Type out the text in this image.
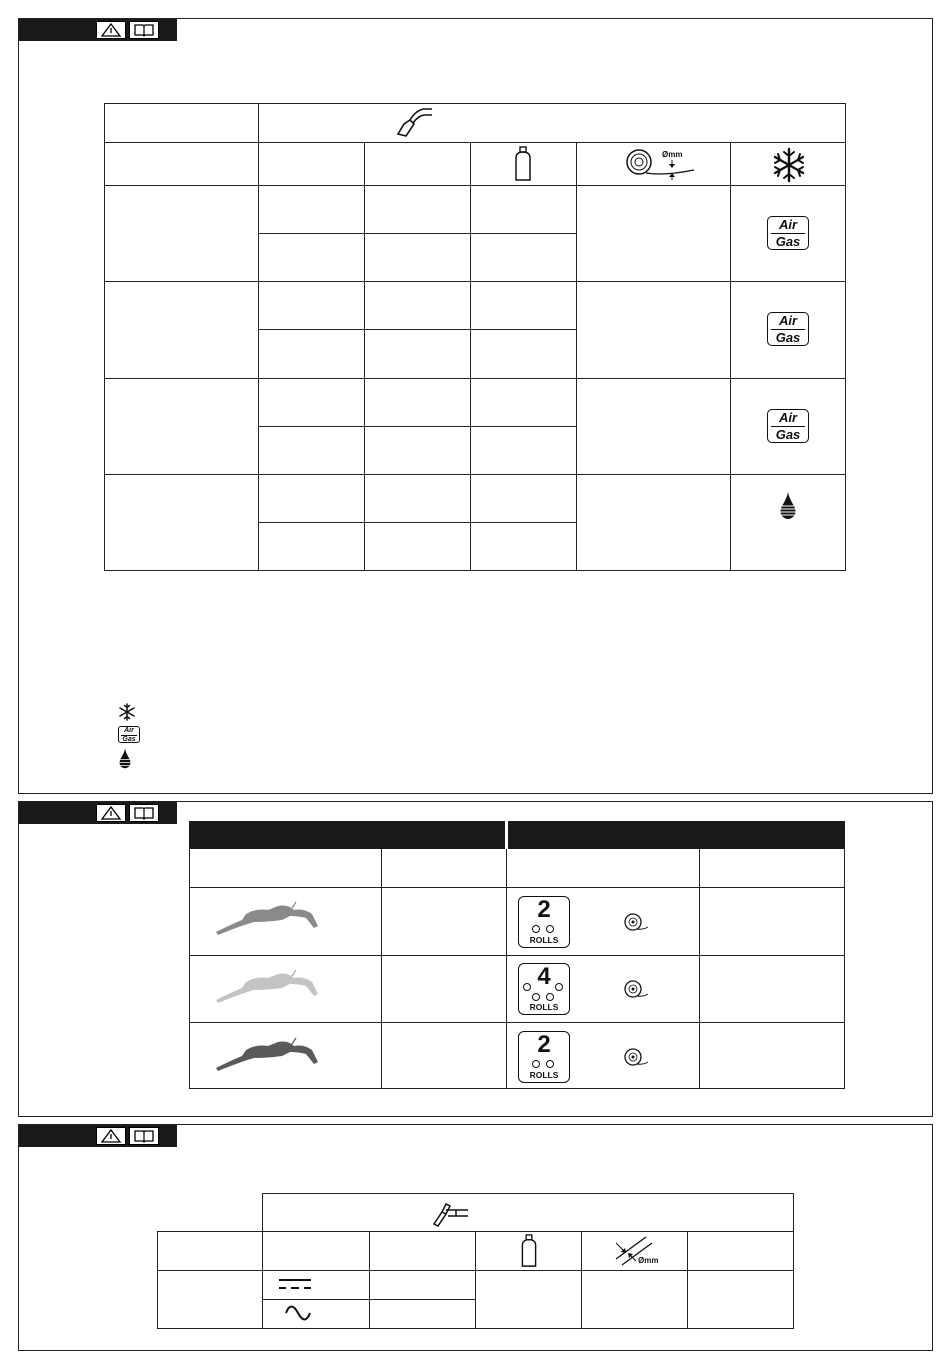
Ømm
Air
Gas
Air
Gas
Air
Gas
Air
Gas
2
ROLLS
4
ROLLS
2
ROLLS
Ømm
